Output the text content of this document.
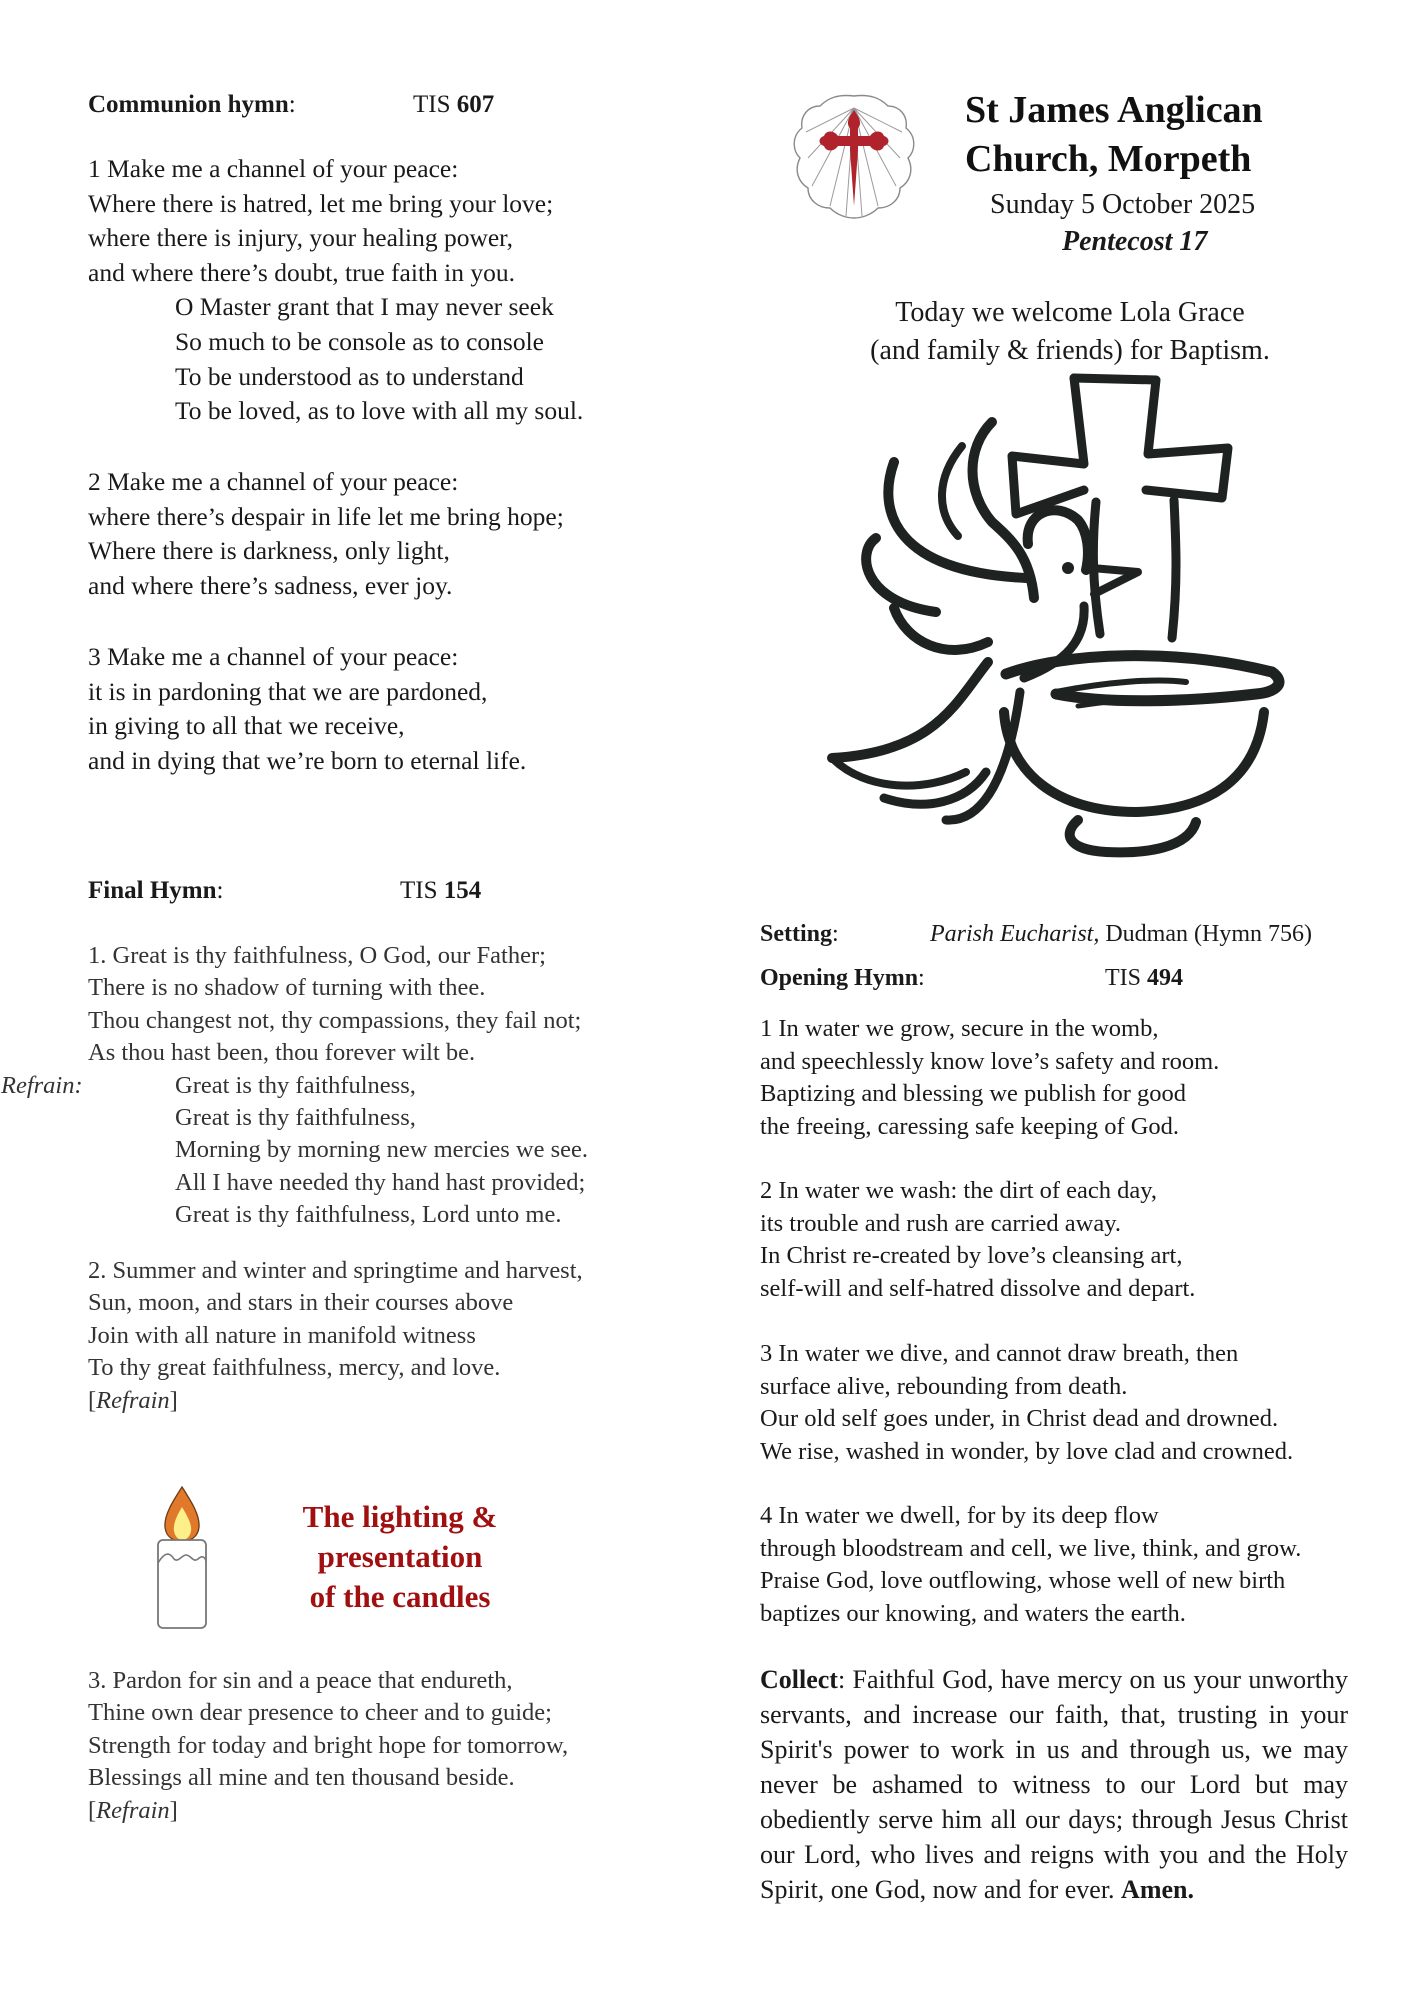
Communion hymn:	TIS 607
1 Make me a channel of your peace:
Where there is hatred, let me bring your love;
where there is injury, your healing power,
and where there’s doubt, true faith in you.
O Master grant that I may never seek
So much to be console as to console
To be understood as to understand
To be loved, as to love with all my soul.
2 Make me a channel of your peace:
where there’s despair in life let me bring hope;
Where there is darkness, only light,
and where there’s sadness, ever joy.
3 Make me a channel of your peace:
it is in pardoning that we are pardoned,
in giving to all that we receive,
and in dying that we’re born to eternal life.
Final Hymn:	TIS 154
1. Great is thy faithfulness, O God, our Father;
There is no shadow of turning with thee.
Thou changest not, thy compassions, they fail not;
As thou hast been, thou forever wilt be.
Refrain:	Great is thy faithfulness,
Great is thy faithfulness,
Morning by morning new mercies we see.
All I have needed thy hand hast provided;
Great is thy faithfulness, Lord unto me.
2. Summer and winter and springtime and harvest,
Sun, moon, and stars in their courses above
Join with all nature in manifold witness
To thy great faithfulness, mercy, and love.
[Refrain]
The lighting &
presentation
of the candles
3. Pardon for sin and a peace that endureth,
Thine own dear presence to cheer and to guide;
Strength for today and bright hope for tomorrow,
Blessings all mine and ten thousand beside.
[Refrain]
St James Anglican
Church, Morpeth
Sunday 5 October 2025
Pentecost 17
Today we welcome Lola Grace
(and family & friends) for Baptism.
Setting:	Parish Eucharist, Dudman (Hymn 756)
Opening Hymn:	TIS 494
1 In water we grow, secure in the womb,
and speechlessly know love’s safety and room.
Baptizing and blessing we publish for good
the freeing, caressing safe keeping of God.
2 In water we wash: the dirt of each day,
its trouble and rush are carried away.
In Christ re-created by love’s cleansing art,
self-will and self-hatred dissolve and depart.
3 In water we dive, and cannot draw breath, then
surface alive, rebounding from death.
Our old self goes under, in Christ dead and drowned.
We rise, washed in wonder, by love clad and crowned.
4 In water we dwell, for by its deep flow
through bloodstream and cell, we live, think, and grow.
Praise God, love outflowing, whose well of new birth
baptizes our knowing, and waters the earth.
Collect: Faithful God, have mercy on us your unworthy servants, and increase our faith, that, trusting in your Spirit's power to work in us and through us, we may never be ashamed to witness to our Lord but may obediently serve him all our days; through Jesus Christ our Lord, who lives and reigns with you and the Holy Spirit, one God, now and for ever. Amen.
